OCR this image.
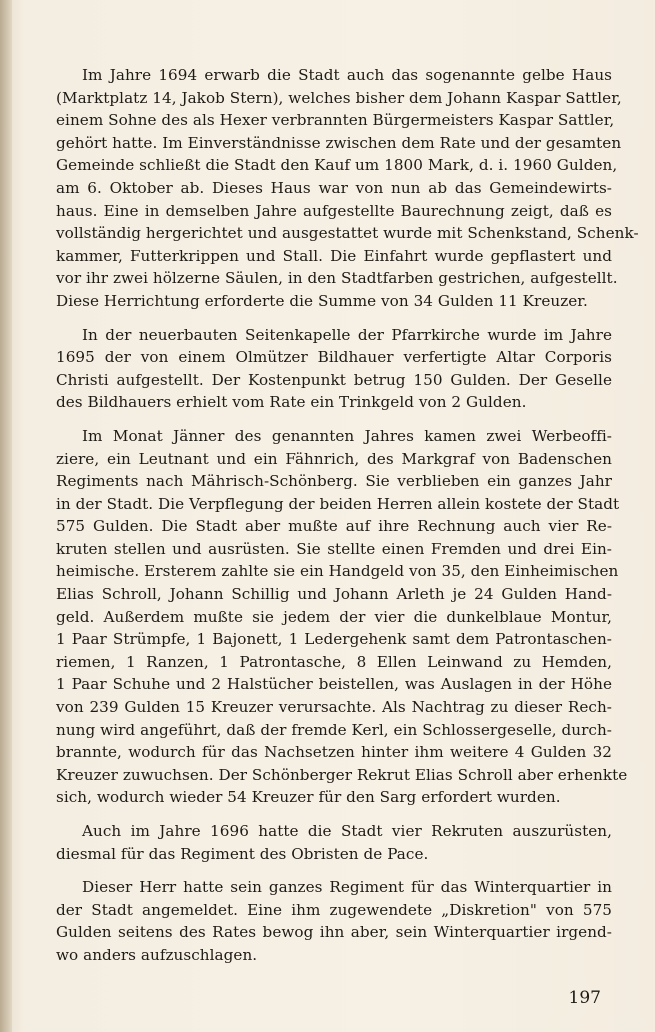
Im Jahre 1694 erwarb die Stadt auch das sogenannte gelbe Haus
(Marktplatz 14, Jakob Stern), welches bisher dem Johann Kaspar Sattler,
einem Sohne des als Hexer verbrannten Bürgermeisters Kaspar Sattler,
gehört hatte. Im Einverständnisse zwischen dem Rate und der gesamten
Gemeinde schließt die Stadt den Kauf um 1800 Mark, d. i. 1960 Gulden,
am 6. Oktober ab. Dieses Haus war von nun ab das Gemeindewirts-
haus. Eine in demselben Jahre aufgestellte Baurechnung zeigt, daß es
vollständig hergerichtet und ausgestattet wurde mit Schenkstand, Schenk-
kammer, Futterkrippen und Stall. Die Einfahrt wurde gepflastert und
vor ihr zwei hölzerne Säulen, in den Stadtfarben gestrichen, aufgestellt.
Diese Herrichtung erforderte die Summe von 34 Gulden 11 Kreuzer.
In der neuerbauten Seitenkapelle der Pfarrkirche wurde im Jahre
1695 der von einem Olmützer Bildhauer verfertigte Altar Corporis
Christi aufgestellt. Der Kostenpunkt betrug 150 Gulden. Der Geselle
des Bildhauers erhielt vom Rate ein Trinkgeld von 2 Gulden.
Im Monat Jänner des genannten Jahres kamen zwei Werbeoffi-
ziere, ein Leutnant und ein Fähnrich, des Markgraf von Badenschen
Regiments nach Mährisch-Schönberg. Sie verblieben ein ganzes Jahr
in der Stadt. Die Verpflegung der beiden Herren allein kostete der Stadt
575 Gulden. Die Stadt aber mußte auf ihre Rechnung auch vier Re-
kruten stellen und ausrüsten. Sie stellte einen Fremden und drei Ein-
heimische. Ersterem zahlte sie ein Handgeld von 35, den Einheimischen
Elias Schroll, Johann Schillig und Johann Arleth je 24 Gulden Hand-
geld. Außerdem mußte sie jedem der vier die dunkelblaue Montur,
1 Paar Strümpfe, 1 Bajonett, 1 Ledergehenk samt dem Patrontaschen-
riemen, 1 Ranzen, 1 Patrontasche, 8 Ellen Leinwand zu Hemden,
1 Paar Schuhe und 2 Halstücher beistellen, was Auslagen in der Höhe
von 239 Gulden 15 Kreuzer verursachte. Als Nachtrag zu dieser Rech-
nung wird angeführt, daß der fremde Kerl, ein Schlossergeselle, durch-
brannte, wodurch für das Nachsetzen hinter ihm weitere 4 Gulden 32
Kreuzer zuwuchsen. Der Schönberger Rekrut Elias Schroll aber erhenkte
sich, wodurch wieder 54 Kreuzer für den Sarg erfordert wurden.
Auch im Jahre 1696 hatte die Stadt vier Rekruten auszurüsten,
diesmal für das Regiment des Obristen de Pace.
Dieser Herr hatte sein ganzes Regiment für das Winterquartier in
der Stadt angemeldet. Eine ihm zugewendete „Diskretion" von 575
Gulden seitens des Rates bewog ihn aber, sein Winterquartier irgend-
wo anders aufzuschlagen.
197
